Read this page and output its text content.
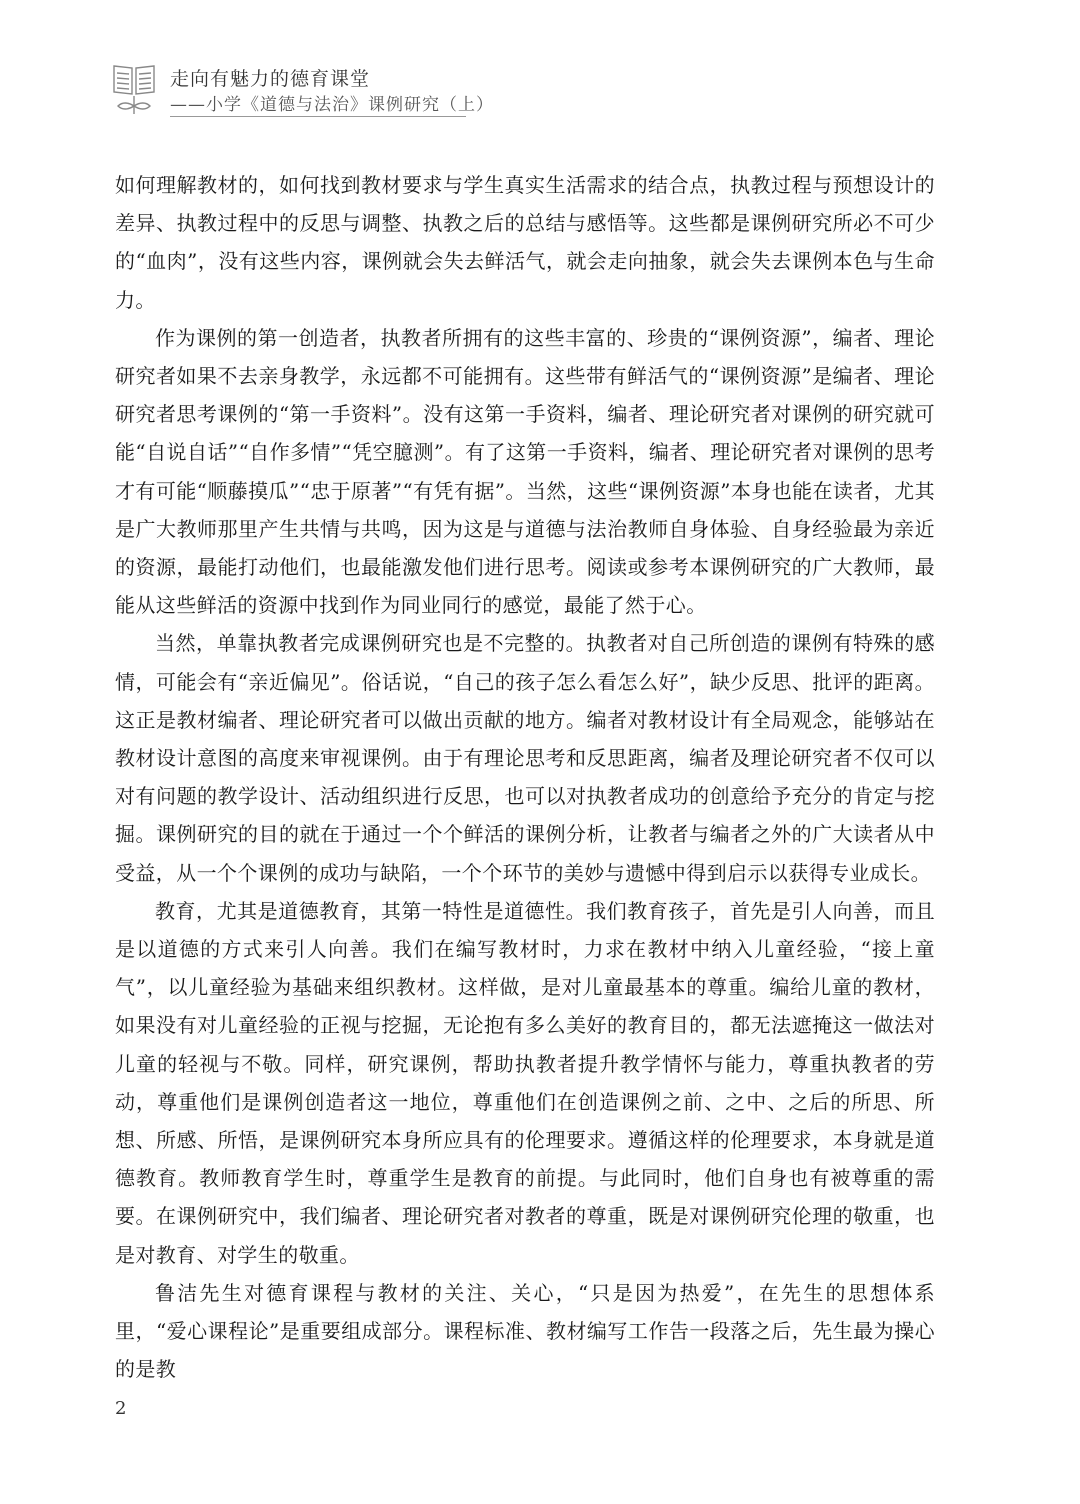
走向有魅力的德育课堂
——小学《道德与法治》课例研究（上）

如何理解教材的，如何找到教材要求与学生真实生活需求的结合点，执教过程与预想设计的差异、执教过程中的反思与调整、执教之后的总结与感悟等。这些都是课例研究所必不可少的“血肉”，没有这些内容，课例就会失去鲜活气，就会走向抽象，就会失去课例本色与生命力。

作为课例的第一创造者，执教者所拥有的这些丰富的、珍贵的“课例资源”，编者、理论研究者如果不去亲身教学，永远都不可能拥有。这些带有鲜活气的“课例资源”是编者、理论研究者思考课例的“第一手资料”。没有这第一手资料，编者、理论研究者对课例的研究就可能“自说自话”“自作多情”“凭空臆测”。有了这第一手资料，编者、理论研究者对课例的思考才有可能“顺藤摸瓜”“忠于原著”“有凭有据”。当然，这些“课例资源”本身也能在读者，尤其是广大教师那里产生共情与共鸣，因为这是与道德与法治教师自身体验、自身经验最为亲近的资源，最能打动他们，也最能激发他们进行思考。阅读或参考本课例研究的广大教师，最能从这些鲜活的资源中找到作为同业同行的感觉，最能了然于心。

当然，单靠执教者完成课例研究也是不完整的。执教者对自己所创造的课例有特殊的感情，可能会有“亲近偏见”。俗话说，“自己的孩子怎么看怎么好”，缺少反思、批评的距离。这正是教材编者、理论研究者可以做出贡献的地方。编者对教材设计有全局观念，能够站在教材设计意图的高度来审视课例。由于有理论思考和反思距离，编者及理论研究者不仅可以对有问题的教学设计、活动组织进行反思，也可以对执教者成功的创意给予充分的肯定与挖掘。课例研究的目的就在于通过一个个鲜活的课例分析，让教者与编者之外的广大读者从中受益，从一个个课例的成功与缺陷，一个个环节的美妙与遗憾中得到启示以获得专业成长。

教育，尤其是道德教育，其第一特性是道德性。我们教育孩子，首先是引人向善，而且是以道德的方式来引人向善。我们在编写教材时，力求在教材中纳入儿童经验，“接上童气”，以儿童经验为基础来组织教材。这样做，是对儿童最基本的尊重。编给儿童的教材，如果没有对儿童经验的正视与挖掘，无论抱有多么美好的教育目的，都无法遮掩这一做法对儿童的轻视与不敬。同样，研究课例，帮助执教者提升教学情怀与能力，尊重执教者的劳动，尊重他们是课例创造者这一地位，尊重他们在创造课例之前、之中、之后的所思、所想、所感、所悟，是课例研究本身所应具有的伦理要求。遵循这样的伦理要求，本身就是道德教育。教师教育学生时，尊重学生是教育的前提。与此同时，他们自身也有被尊重的需要。在课例研究中，我们编者、理论研究者对教者的尊重，既是对课例研究伦理的敬重，也是对教育、对学生的敬重。

鲁洁先生对德育课程与教材的关注、关心，“只是因为热爱”，在先生的思想体系里，“爱心课程论”是重要组成部分。课程标准、教材编写工作告一段落之后，先生最为操心的是教

2
